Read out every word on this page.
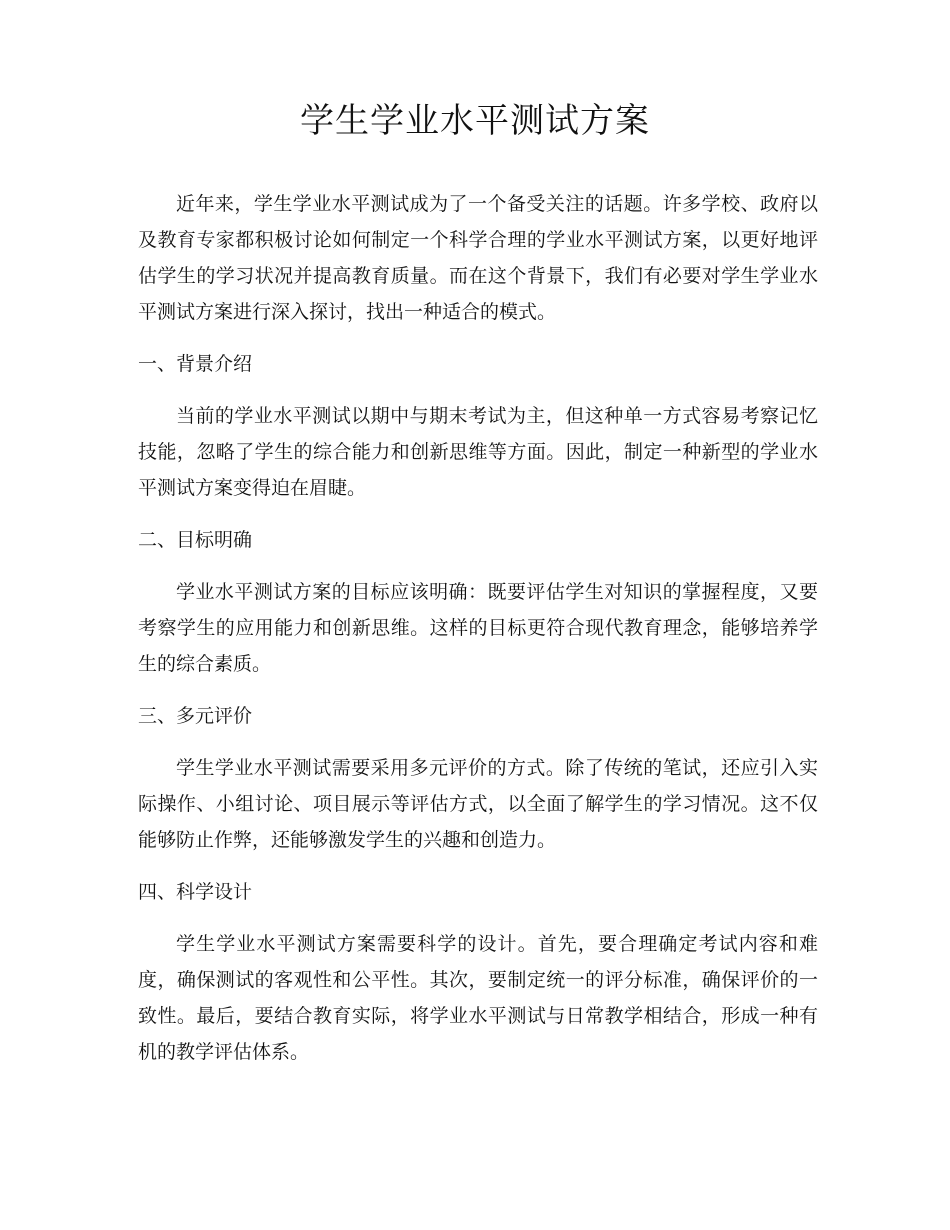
学生学业水平测试方案

近年来，学生学业水平测试成为了一个备受关注的话题。许多学校、政府以及教育专家都积极讨论如何制定一个科学合理的学业水平测试方案，以更好地评估学生的学习状况并提高教育质量。而在这个背景下，我们有必要对学生学业水平测试方案进行深入探讨，找出一种适合的模式。

一、背景介绍

当前的学业水平测试以期中与期末考试为主，但这种单一方式容易考察记忆技能，忽略了学生的综合能力和创新思维等方面。因此，制定一种新型的学业水平测试方案变得迫在眉睫。

二、目标明确

学业水平测试方案的目标应该明确：既要评估学生对知识的掌握程度，又要考察学生的应用能力和创新思维。这样的目标更符合现代教育理念，能够培养学生的综合素质。

三、多元评价

学生学业水平测试需要采用多元评价的方式。除了传统的笔试，还应引入实际操作、小组讨论、项目展示等评估方式，以全面了解学生的学习情况。这不仅能够防止作弊，还能够激发学生的兴趣和创造力。

四、科学设计

学生学业水平测试方案需要科学的设计。首先，要合理确定考试内容和难度，确保测试的客观性和公平性。其次，要制定统一的评分标准，确保评价的一致性。最后，要结合教育实际，将学业水平测试与日常教学相结合，形成一种有机的教学评估体系。
